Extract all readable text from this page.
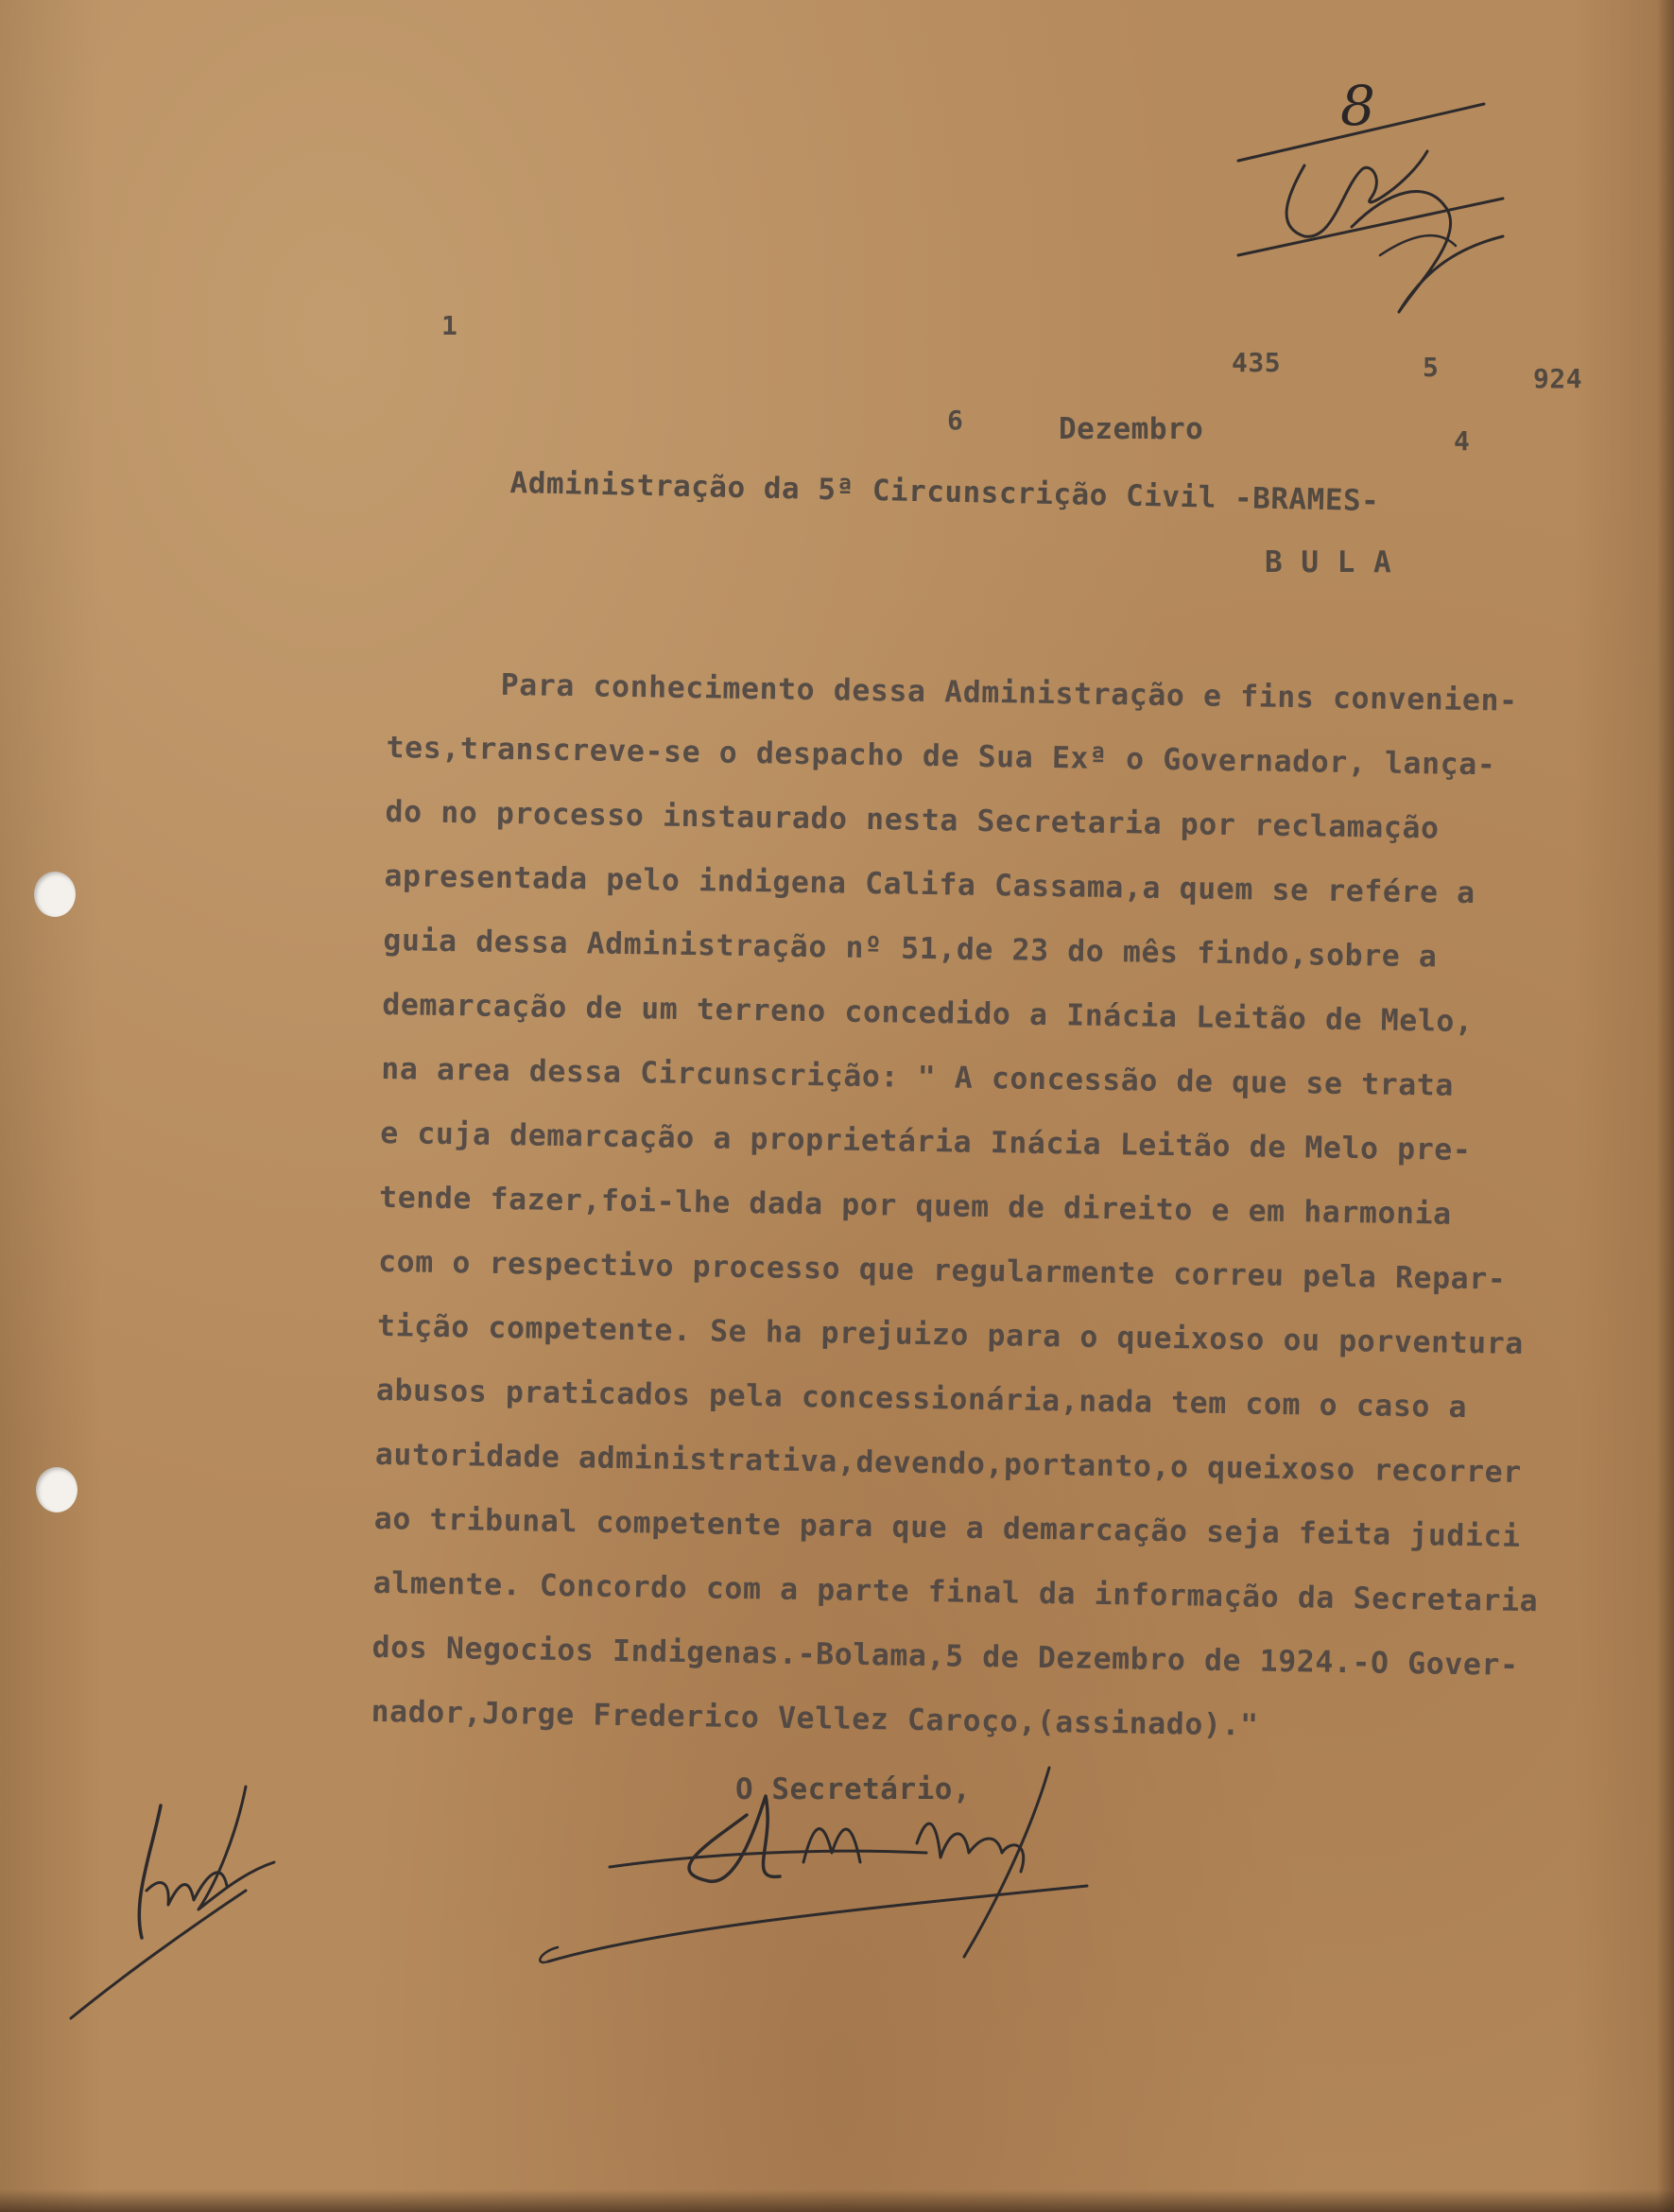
8
1
435	5	924
6	Dezembro	4
Administração da 5ª Circunscrição Civil -BRAMES-
B U L A
Para conhecimento dessa Administração e fins convenien-
tes,transcreve-se o despacho de Sua Exª o Governador, lança-
do no processo instaurado nesta Secretaria por reclamação
apresentada pelo indigena Califa Cassama,a quem se refére a
guia dessa Administração nº 51,de 23 do mês findo,sobre a
demarcação de um terreno concedido a Inácia Leitão de Melo,
na area dessa Circunscrição: " A concessão de que se trata
e cuja demarcação a proprietária Inácia Leitão de Melo pre-
tende fazer,foi-lhe dada por quem de direito e em harmonia
com o respectivo processo que regularmente correu pela Repar-
tição competente. Se ha prejuizo para o queixoso ou porventura
abusos praticados pela concessionária,nada tem com o caso a
autoridade administrativa,devendo,portanto,o queixoso recorrer
ao tribunal competente para que a demarcação seja feita judici
almente. Concordo com a parte final da informação da Secretaria
dos Negocios Indigenas.-Bolama,5 de Dezembro de 1924.-O Gover-
nador,Jorge Frederico Vellez Caroço,(assinado)."
O Secretário,
